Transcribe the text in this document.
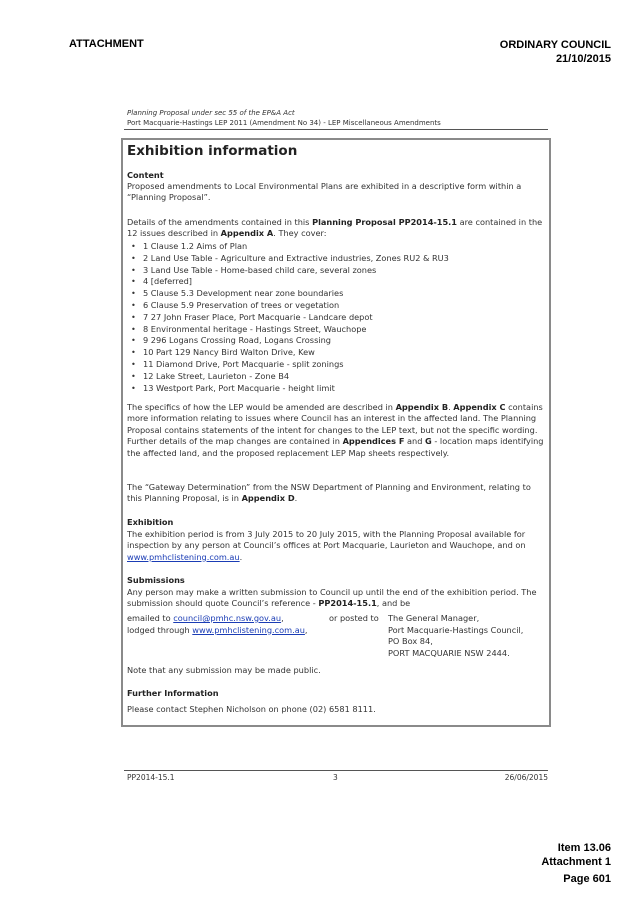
ATTACHMENT	ORDINARY COUNCIL
21/10/2015
Planning Proposal under sec 55 of the EP&A Act
Port Macquarie-Hastings LEP 2011 (Amendment No 34) - LEP Miscellaneous Amendments
Exhibition information
Content
Proposed amendments to Local Environmental Plans are exhibited in a descriptive form within a “Planning Proposal”.
Details of the amendments contained in this Planning Proposal PP2014-15.1 are contained in the 12 issues described in Appendix A. They cover:
• 1 Clause 1.2 Aims of Plan
• 2 Land Use Table - Agriculture and Extractive industries, Zones RU2 & RU3
• 3 Land Use Table - Home-based child care, several zones
• 4 [deferred]
• 5 Clause 5.3 Development near zone boundaries
• 6 Clause 5.9 Preservation of trees or vegetation
• 7 27 John Fraser Place, Port Macquarie - Landcare depot
• 8 Environmental heritage - Hastings Street, Wauchope
• 9 296 Logans Crossing Road, Logans Crossing
• 10 Part 129 Nancy Bird Walton Drive, Kew
• 11 Diamond Drive, Port Macquarie - split zonings
• 12 Lake Street, Laurieton - Zone B4
• 13 Westport Park, Port Macquarie - height limit
The specifics of how the LEP would be amended are described in Appendix B. Appendix C contains more information relating to issues where Council has an interest in the affected land. The Planning Proposal contains statements of the intent for changes to the LEP text, but not the specific wording. Further details of the map changes are contained in Appendices F and G - location maps identifying the affected land, and the proposed replacement LEP Map sheets respectively.
The “Gateway Determination” from the NSW Department of Planning and Environment, relating to this Planning Proposal, is in Appendix D.
Exhibition
The exhibition period is from 3 July 2015 to 20 July 2015, with the Planning Proposal available for inspection by any person at Council’s offices at Port Macquarie, Laurieton and Wauchope, and on www.pmhclistening.com.au.
Submissions
Any person may make a written submission to Council up until the end of the exhibition period. The submission should quote Council’s reference - PP2014-15.1, and be
emailed to council@pmhc.nsw.gov.au,
lodged through www.pmhclistening.com.au,
or posted to The General Manager,
Port Macquarie-Hastings Council,
PO Box 84,
PORT MACQUARIE NSW 2444.
Note that any submission may be made public.
Further Information
Please contact Stephen Nicholson on phone (02) 6581 8111.
PP2014-15.1	3	26/06/2015
Item 13.06
Attachment 1
Page 601
